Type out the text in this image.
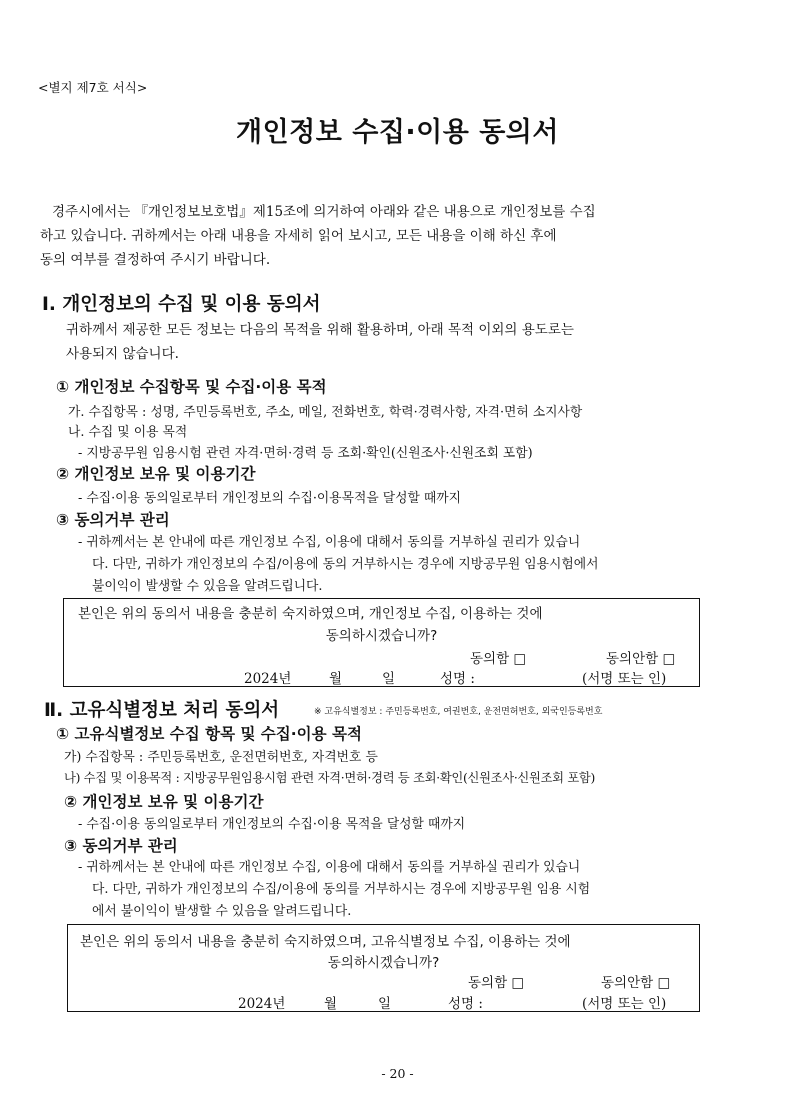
<별지 제7호 서식>
개인정보 수집·이용 동의서
경주시에서는 『개인정보보호법』제15조에 의거하여 아래와 같은 내용으로 개인정보를 수집
하고 있습니다. 귀하께서는 아래 내용을 자세히 읽어 보시고, 모든 내용을 이해 하신 후에
동의 여부를 결정하여 주시기 바랍니다.
Ⅰ. 개인정보의 수집 및 이용 동의서
귀하께서 제공한 모든 정보는 다음의 목적을 위해 활용하며, 아래 목적 이외의 용도로는
사용되지 않습니다.
① 개인정보 수집항목 및 수집·이용 목적
가. 수집항목 : 성명, 주민등록번호, 주소, 메일, 전화번호, 학력·경력사항, 자격·면허 소지사항
나. 수집 및 이용 목적
- 지방공무원 임용시험 관련 자격·면허·경력 등 조회·확인(신원조사·신원조회 포함)
② 개인정보 보유 및 이용기간
- 수집·이용 동의일로부터 개인정보의 수집·이용목적을 달성할 때까지
③ 동의거부 관리
- 귀하께서는 본 안내에 따른 개인정보 수집, 이용에 대해서 동의를 거부하실 권리가 있습니
다. 다만, 귀하가 개인정보의 수집/이용에 동의 거부하시는 경우에 지방공무원 임용시험에서
불이익이 발생할 수 있음을 알려드립니다.
본인은 위의 동의서 내용을 충분히 숙지하였으며, 개인정보 수집, 이용하는 것에
동의하시겠습니까?
동의함 □	동의안함 □
2024년	월	일	성명 :	(서명 또는 인)
Ⅱ. 고유식별정보 처리 동의서	※ 고유식별정보 : 주민등록번호, 여권번호, 운전면허번호, 외국인등록번호
① 고유식별정보 수집 항목 및 수집·이용 목적
가) 수집항목 : 주민등록번호, 운전면허번호, 자격번호 등
나) 수집 및 이용목적 : 지방공무원임용시험 관련 자격·면허·경력 등 조회·확인(신원조사·신원조회 포함)
② 개인정보 보유 및 이용기간
- 수집·이용 동의일로부터 개인정보의 수집·이용 목적을 달성할 때까지
③ 동의거부 관리
- 귀하께서는 본 안내에 따른 개인정보 수집, 이용에 대해서 동의를 거부하실 권리가 있습니
다. 다만, 귀하가 개인정보의 수집/이용에 동의를 거부하시는 경우에 지방공무원 임용 시험
에서 불이익이 발생할 수 있음을 알려드립니다.
본인은 위의 동의서 내용을 충분히 숙지하였으며, 고유식별정보 수집, 이용하는 것에
동의하시겠습니까?
동의함 □	동의안함 □
2024년	월	일	성명 :	(서명 또는 인)
- 20 -
